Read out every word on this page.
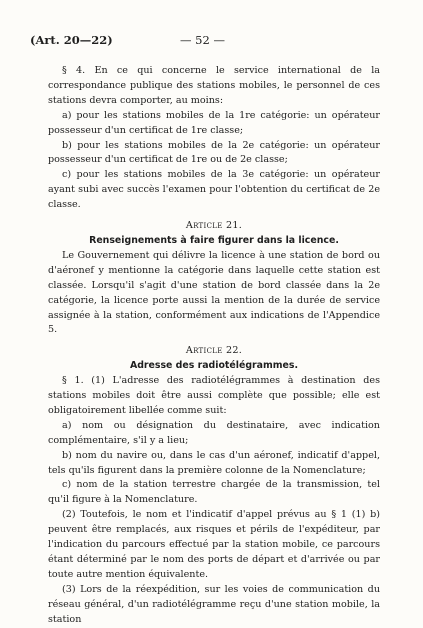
(Art. 20—22)	— 52 —

§ 4. En ce qui concerne le service international de la correspondance publique des stations mobiles, le personnel de ces stations devra comporter, au moins:

a) pour les stations mobiles de la 1re catégorie: un opérateur possesseur d'un certificat de 1re classe;

b) pour les stations mobiles de la 2e catégorie: un opérateur possesseur d'un certificat de 1re ou de 2e classe;

c) pour les stations mobiles de la 3e catégorie: un opérateur ayant subi avec succès l'examen pour l'obtention du certificat de 2e classe.

Article 21.

Renseignements à faire figurer dans la licence.

Le Gouvernement qui délivre la licence à une station de bord ou d'aéronef y mentionne la catégorie dans laquelle cette station est classée. Lorsqu'il s'agit d'une station de bord classée dans la 2e catégorie, la licence porte aussi la mention de la durée de service assignée à la station, conformément aux indications de l'Appendice 5.

Article 22.

Adresse des radiotélégrammes.

§ 1. (1) L'adresse des radiotélégrammes à destination des stations mobiles doit être aussi complète que possible; elle est obligatoirement libellée comme suit:

a) nom ou désignation du destinataire, avec indication complémentaire, s'il y a lieu;

b) nom du navire ou, dans le cas d'un aéronef, indicatif d'appel, tels qu'ils figurent dans la première colonne de la Nomenclature;

c) nom de la station terrestre chargée de la transmission, tel qu'il figure à la Nomenclature.

(2) Toutefois, le nom et l'indicatif d'appel prévus au § 1 (1) b) peuvent être remplacés, aux risques et périls de l'expéditeur, par l'indication du parcours effectué par la station mobile, ce parcours étant déterminé par le nom des ports de départ et d'arrivée ou par toute autre mention équivalente.

(3) Lors de la réexpédition, sur les voies de communication du réseau général, d'un radiotélégramme reçu d'une station mobile, la station
